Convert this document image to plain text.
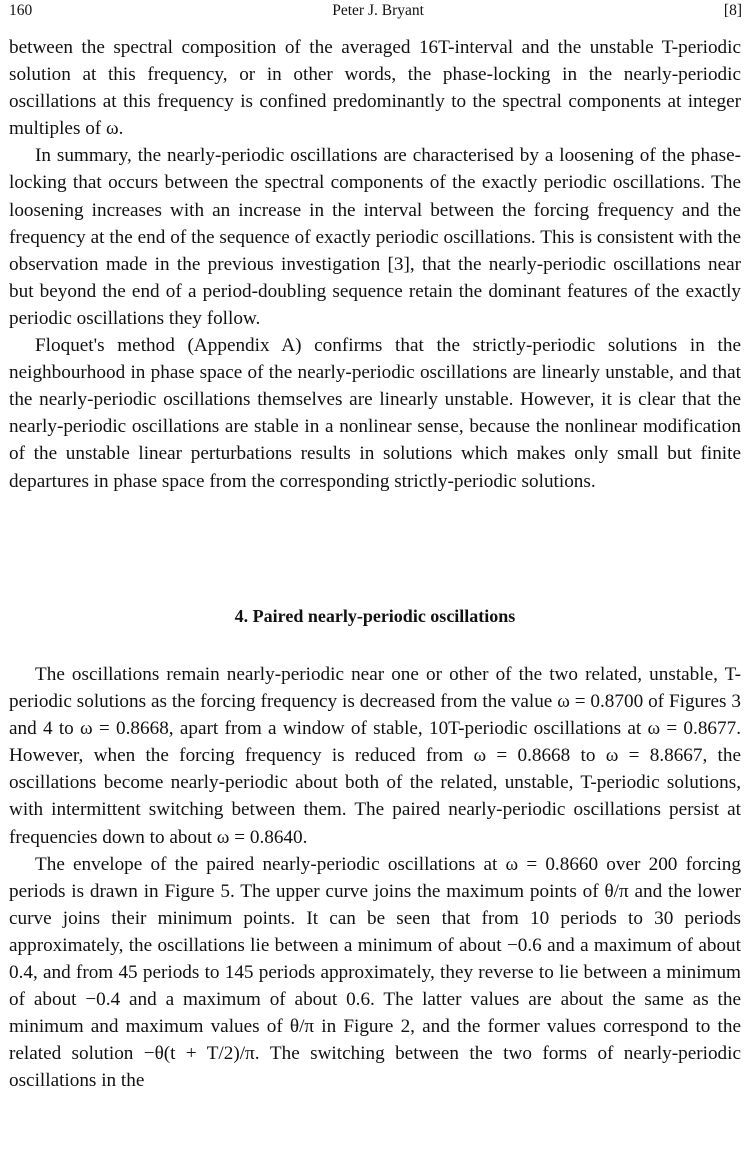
160	Peter J. Bryant	[8]

between the spectral composition of the averaged 16T-interval and the unstable T-periodic solution at this frequency, or in other words, the phase-locking in the nearly-periodic oscillations at this frequency is confined predominantly to the spectral components at integer multiples of ω.

In summary, the nearly-periodic oscillations are characterised by a loosening of the phase-locking that occurs between the spectral components of the exactly periodic oscillations. The loosening increases with an increase in the interval between the forcing frequency and the frequency at the end of the sequence of exactly periodic oscillations. This is consistent with the observation made in the previous investigation [3], that the nearly-periodic oscillations near but beyond the end of a period-doubling sequence retain the dominant features of the exactly periodic oscillations they follow.

Floquet's method (Appendix A) confirms that the strictly-periodic solutions in the neighbourhood in phase space of the nearly-periodic oscillations are linearly unstable, and that the nearly-periodic oscillations themselves are linearly unstable. However, it is clear that the nearly-periodic oscillations are stable in a nonlinear sense, because the nonlinear modification of the unstable linear perturbations results in solutions which makes only small but finite departures in phase space from the corresponding strictly-periodic solutions.

4. Paired nearly-periodic oscillations

The oscillations remain nearly-periodic near one or other of the two related, unstable, T-periodic solutions as the forcing frequency is decreased from the value ω = 0.8700 of Figures 3 and 4 to ω = 0.8668, apart from a window of stable, 10T-periodic oscillations at ω = 0.8677. However, when the forcing frequency is reduced from ω = 0.8668 to ω = 8.8667, the oscillations become nearly-periodic about both of the related, unstable, T-periodic solutions, with intermittent switching between them. The paired nearly-periodic oscillations persist at frequencies down to about ω = 0.8640.

The envelope of the paired nearly-periodic oscillations at ω = 0.8660 over 200 forcing periods is drawn in Figure 5. The upper curve joins the maximum points of θ/π and the lower curve joins their minimum points. It can be seen that from 10 periods to 30 periods approximately, the oscillations lie between a minimum of about −0.6 and a maximum of about 0.4, and from 45 periods to 145 periods approximately, they reverse to lie between a minimum of about −0.4 and a maximum of about 0.6. The latter values are about the same as the minimum and maximum values of θ/π in Figure 2, and the former values correspond to the related solution −θ(t + T/2)/π. The switching between the two forms of nearly-periodic oscillations in the
